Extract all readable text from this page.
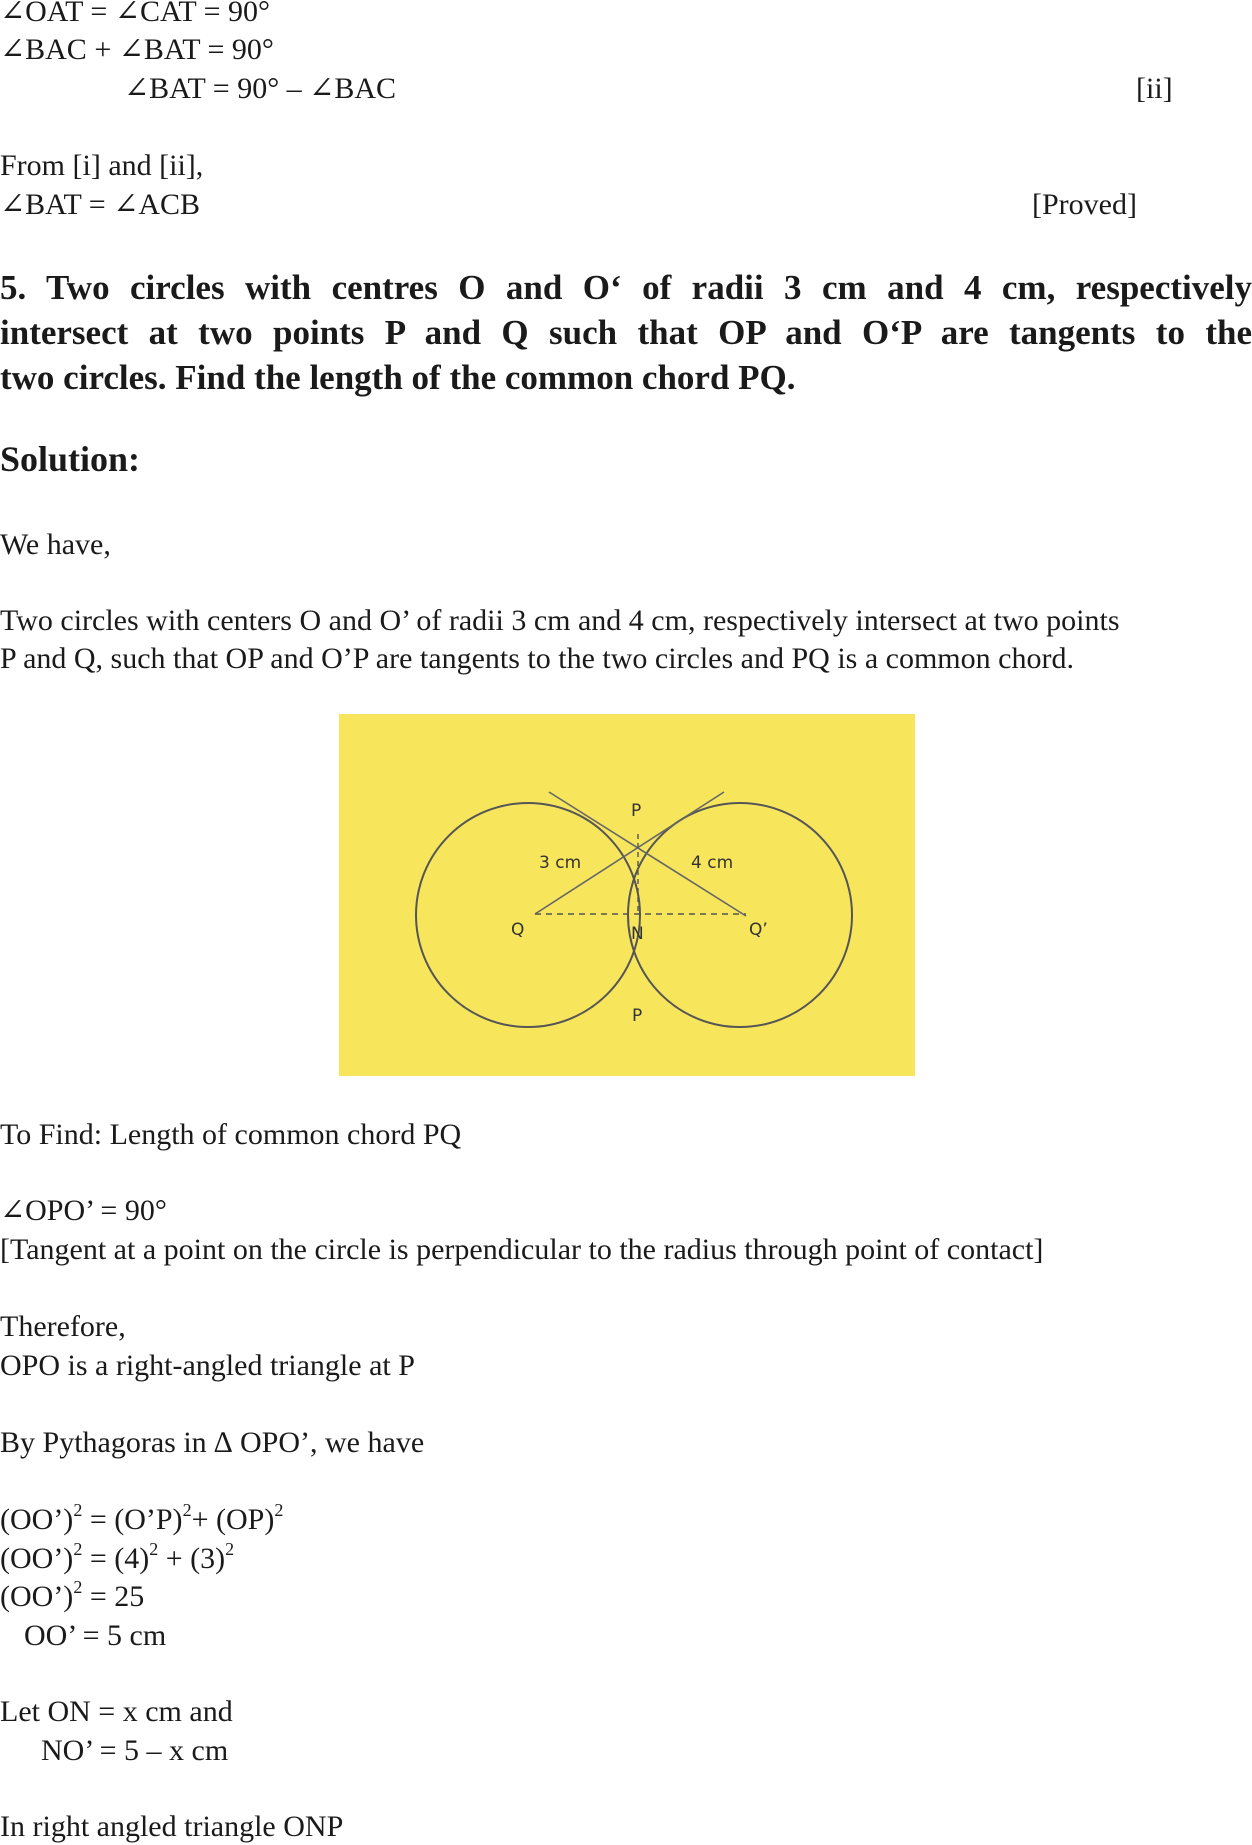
∠OAT = ∠CAT = 90°
∠BAC + ∠BAT = 90°
∠BAT = 90° – ∠BAC	[ii]
From [i] and [ii],
∠BAT = ∠ACB	[Proved]
5. Two circles with centres O and O‘ of radii 3 cm and 4 cm, respectively
intersect at two points P and Q such that OP and O‘P are tangents to the
two circles. Find the length of the common chord PQ.
Solution:
We have,
Two circles with centers O and O’ of radii 3 cm and 4 cm, respectively intersect at two points
P and Q, such that OP and O’P are tangents to the two circles and PQ is a common chord.
P
3 cm	4 cm
Q	N	Q’
P
To Find: Length of common chord PQ
∠OPO’ = 90°
[Tangent at a point on the circle is perpendicular to the radius through point of contact]
Therefore,
OPO is a right-angled triangle at P
By Pythagoras in ∆ OPO’, we have
(OO’)$^2$ = (O’P)$^2$+ (OP)$^2$
(OO’)$^2$ = $(4)^2 + (3)^2$
(OO’)$^2$ = 25
OO’ = 5 cm
Let ON = x cm and
NO’ = 5 – x cm
In right angled triangle ONP
